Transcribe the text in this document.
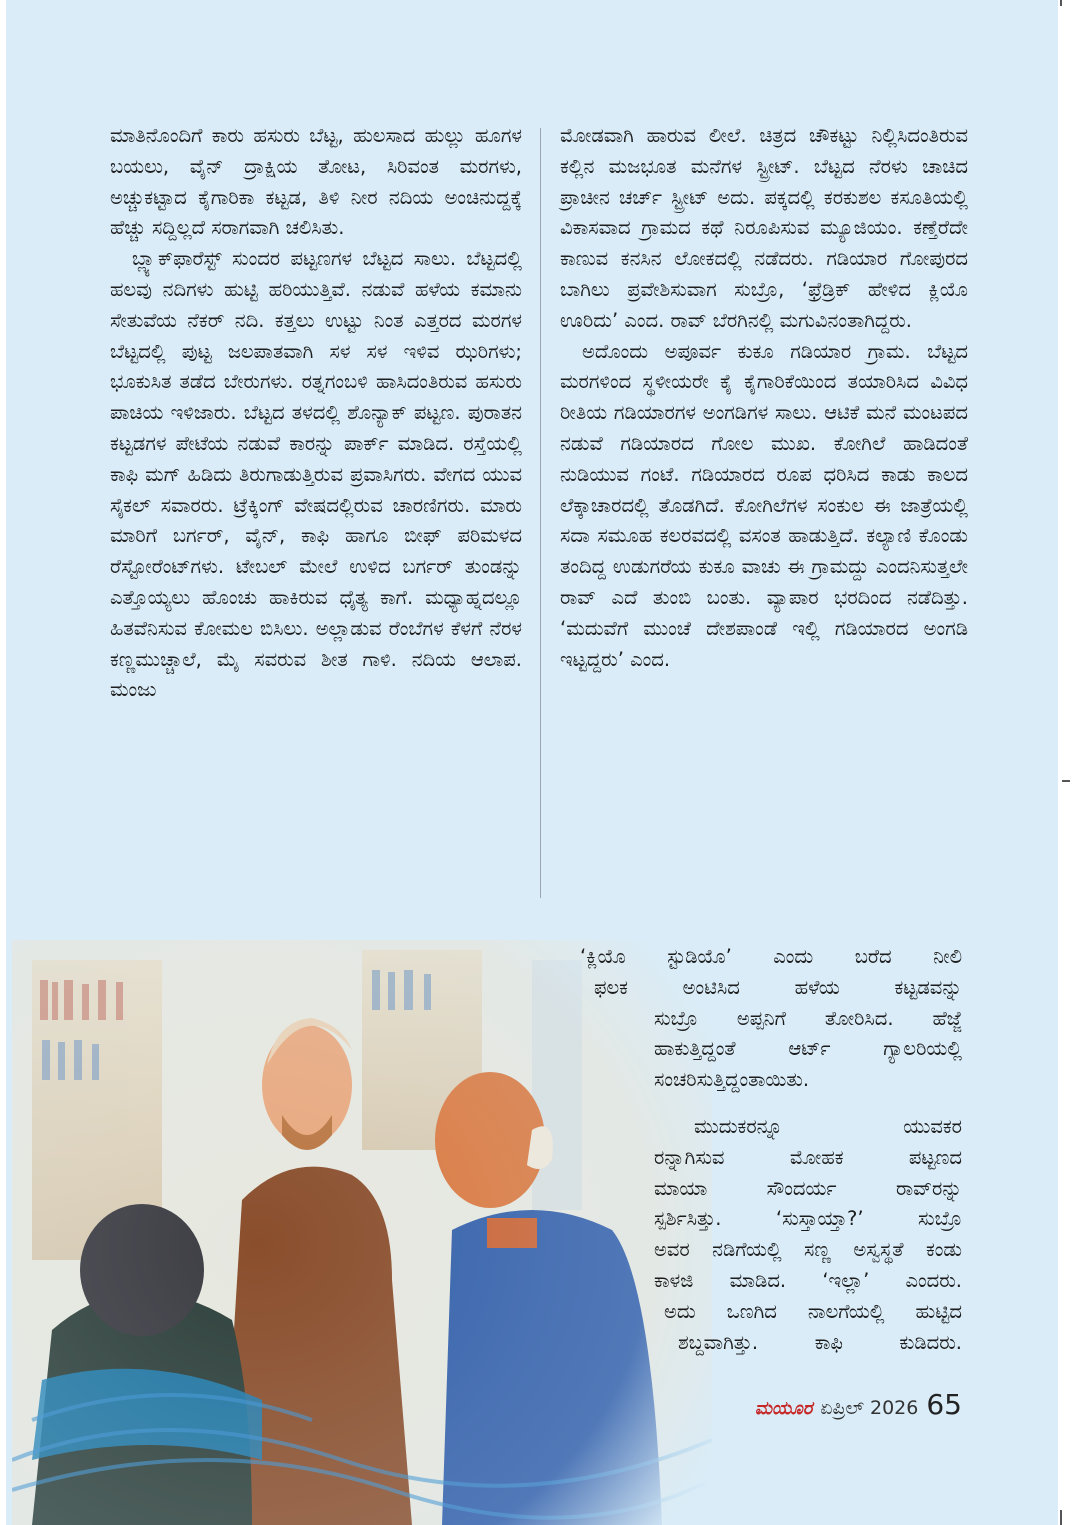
ಮಾತಿನೊಂದಿಗೆ ಕಾರು ಹಸುರು ಬೆಟ್ಟ, ಹುಲಸಾದ ಹುಲ್ಲು ಹೂಗಳ ಬಯಲು, ವೈನ್ ದ್ರಾಕ್ಷಿಯ ತೋಟ, ಸಿರಿವಂತ ಮರಗಳು, ಅಚ್ಚುಕಟ್ಟಾದ ಕೈಗಾರಿಕಾ ಕಟ್ಟಡ, ತಿಳಿ ನೀರ ನದಿಯ ಅಂಚಿನುದ್ದಕ್ಕೆ ಹೆಚ್ಚು ಸದ್ದಿಲ್ಲದೆ ಸರಾಗವಾಗಿ ಚಲಿಸಿತು.

ಬ್ಲ್ಯಾಕ್‌ಫಾರೆಸ್ಟ್ ಸುಂದರ ಪಟ್ಟಣಗಳ ಬೆಟ್ಟದ ಸಾಲು. ಬೆಟ್ಟದಲ್ಲಿ ಹಲವು ನದಿಗಳು ಹುಟ್ಟಿ ಹರಿಯುತ್ತಿವೆ. ನಡುವೆ ಹಳೆಯ ಕಮಾನು ಸೇತುವೆಯ ನೆಕರ್ ನದಿ. ಕತ್ತಲು ಉಟ್ಟು ನಿಂತ ಎತ್ತರದ ಮರಗಳ ಬೆಟ್ಟದಲ್ಲಿ ಪುಟ್ಟ ಜಲಪಾತವಾಗಿ ಸಳ ಸಳ ಇಳಿವ ಝರಿಗಳು; ಭೂಕುಸಿತ ತಡೆದ ಬೇರುಗಳು. ರತ್ನಗಂಬಳಿ ಹಾಸಿದಂತಿರುವ ಹಸುರು ಪಾಚಿಯ ಇಳಿಜಾರು. ಬೆಟ್ಟದ ತಳದಲ್ಲಿ ಶೊನ್ಯಾಕ್ ಪಟ್ಟಣ. ಪುರಾತನ ಕಟ್ಟಡಗಳ ಪೇಟೆಯ ನಡುವೆ ಕಾರನ್ನು ಪಾರ್ಕ್ ಮಾಡಿದ. ರಸ್ತೆಯಲ್ಲಿ ಕಾಫಿ ಮಗ್ ಹಿಡಿದು ತಿರುಗಾಡುತ್ತಿರುವ ಪ್ರವಾಸಿಗರು. ವೇಗದ ಯುವ ಸೈಕಲ್ ಸವಾರರು. ಟ್ರೆಕ್ಕಿಂಗ್ ವೇಷದಲ್ಲಿರುವ ಚಾರಣಿಗರು. ಮಾರು ಮಾರಿಗೆ ಬರ್ಗರ್, ವೈನ್, ಕಾಫಿ ಹಾಗೂ ಬೀಫ್ ಪರಿಮಳದ ರೆಸ್ಟೋರೆಂಟ್‌ಗಳು. ಟೇಬಲ್ ಮೇಲೆ ಉಳಿದ ಬರ್ಗರ್ ತುಂಡನ್ನು ಎತ್ತೊಯ್ಯಲು ಹೊಂಚು ಹಾಕಿರುವ ಧೈತ್ಯ ಕಾಗೆ. ಮಧ್ಯಾಹ್ನದಲ್ಲೂ ಹಿತವೆನಿಸುವ ಕೋಮಲ ಬಿಸಿಲು. ಅಲ್ಲಾಡುವ ರೆಂಬೆಗಳ ಕೆಳಗೆ ನೆರಳ ಕಣ್ಣಮುಚ್ಚಾಲೆ, ಮೈ ಸವರುವ ಶೀತ ಗಾಳಿ. ನದಿಯ ಆಲಾಪ. ಮಂಜು

ಮೋಡವಾಗಿ ಹಾರುವ ಲೀಲೆ. ಚಿತ್ರದ ಚೌಕಟ್ಟು ನಿಲ್ಲಿಸಿದಂತಿರುವ ಕಲ್ಲಿನ ಮಜಭೂತ ಮನೆಗಳ ಸ್ಟ್ರೀಟ್. ಬೆಟ್ಟದ ನೆರಳು ಚಾಚಿದ ಪ್ರಾಚೀನ ಚರ್ಚ್ ಸ್ಟ್ರೀಟ್ ಅದು. ಪಕ್ಕದಲ್ಲಿ ಕರಕುಶಲ ಕಸೂತಿಯಲ್ಲಿ ವಿಕಾಸವಾದ ಗ್ರಾಮದ ಕಥೆ ನಿರೂಪಿಸುವ ಮ್ಯೂಜಿಯಂ. ಕಣ್ತೆರೆದೇ ಕಾಣುವ ಕನಸಿನ ಲೋಕದಲ್ಲಿ ನಡೆದರು. ಗಡಿಯಾರ ಗೋಪುರದ ಬಾಗಿಲು ಪ್ರವೇಶಿಸುವಾಗ ಸುಬ್ರೊ, ‘ಫ್ರೆಡ್ರಿಕ್ ಹೇಳಿದ ಕ್ಲಿಯೊ ಊರಿದು’ ಎಂದ. ರಾವ್ ಬೆರಗಿನಲ್ಲಿ ಮಗುವಿನಂತಾಗಿದ್ದರು.

ಅದೊಂದು ಅಪೂರ್ವ ಕುಕೂ ಗಡಿಯಾರ ಗ್ರಾಮ. ಬೆಟ್ಟದ ಮರಗಳಿಂದ ಸ್ಥಳೀಯರೇ ಕೈ ಕೈಗಾರಿಕೆಯಿಂದ ತಯಾರಿಸಿದ ವಿವಿಧ ರೀತಿಯ ಗಡಿಯಾರಗಳ ಅಂಗಡಿಗಳ ಸಾಲು. ಆಟಿಕೆ ಮನೆ ಮಂಟಪದ ನಡುವೆ ಗಡಿಯಾರದ ಗೋಲ ಮುಖ. ಕೋಗಿಲೆ ಹಾಡಿದಂತೆ ನುಡಿಯುವ ಗಂಟೆ. ಗಡಿಯಾರದ ರೂಪ ಧರಿಸಿದ ಕಾಡು ಕಾಲದ ಲೆಕ್ಕಾಚಾರದಲ್ಲಿ ತೊಡಗಿದೆ. ಕೋಗಿಲೆಗಳ ಸಂಕುಲ ಈ ಜಾತ್ರೆಯಲ್ಲಿ ಸದಾ ಸಮೂಹ ಕಲರವದಲ್ಲಿ ವಸಂತ ಹಾಡುತ್ತಿದೆ. ಕಲ್ಯಾಣಿ ಕೊಂಡು ತಂದಿದ್ದ ಉಡುಗರೆಯ ಕುಕೂ ವಾಚು ಈ ಗ್ರಾಮದ್ದು ಎಂದನಿಸುತ್ತಲೇ ರಾವ್ ಎದೆ ತುಂಬಿ ಬಂತು. ವ್ಯಾಪಾರ ಭರದಿಂದ ನಡೆದಿತ್ತು. ‘ಮದುವೆಗೆ ಮುಂಚೆ ದೇಶಪಾಂಡೆ ಇಲ್ಲಿ ಗಡಿಯಾರದ ಅಂಗಡಿ ಇಟ್ಟದ್ದರು’ ಎಂದ.

‘ಕ್ಲಿಯೊ ಸ್ಟುಡಿಯೊ’ ಎಂದು ಬರೆದ ನೀಲಿ
ಫಲಕ ಅಂಟಿಸಿದ ಹಳೆಯ ಕಟ್ಟಡವನ್ನು
ಸುಬ್ರೊ ಅಪ್ಪನಿಗೆ ತೋರಿಸಿದ. ಹೆಜ್ಜೆ
ಹಾಕುತ್ತಿದ್ದಂತೆ ಆರ್ಟ್ ಗ್ಯಾಲರಿಯಲ್ಲಿ
ಸಂಚರಿಸುತ್ತಿದ್ದಂತಾಯಿತು.
ಮುದುಕರನ್ನೂ ಯುವಕರ
ರನ್ನಾಗಿಸುವ ಮೋಹಕ ಪಟ್ಟಣದ
ಮಾಯಾ ಸೌಂದರ್ಯ ರಾವ್‌ರನ್ನು
ಸ್ಪರ್ಶಿಸಿತ್ತು. ‘ಸುಸ್ತಾಯ್ತಾ?’ ಸುಬ್ರೊ
ಅವರ ನಡಿಗೆಯಲ್ಲಿ ಸಣ್ಣ ಅಸ್ವಸ್ಥತೆ ಕಂಡು
ಕಾಳಜಿ ಮಾಡಿದ. ‘ಇಲ್ಲಾ’ ಎಂದರು.
ಅದು ಒಣಗಿದ ನಾಲಗೆಯಲ್ಲಿ ಹುಟ್ಟಿದ
ಶಬ್ದವಾಗಿತ್ತು. ಕಾಫಿ ಕುಡಿದರು.
ಮಯೂರ ಏಪ್ರಿಲ್ 2026 65
